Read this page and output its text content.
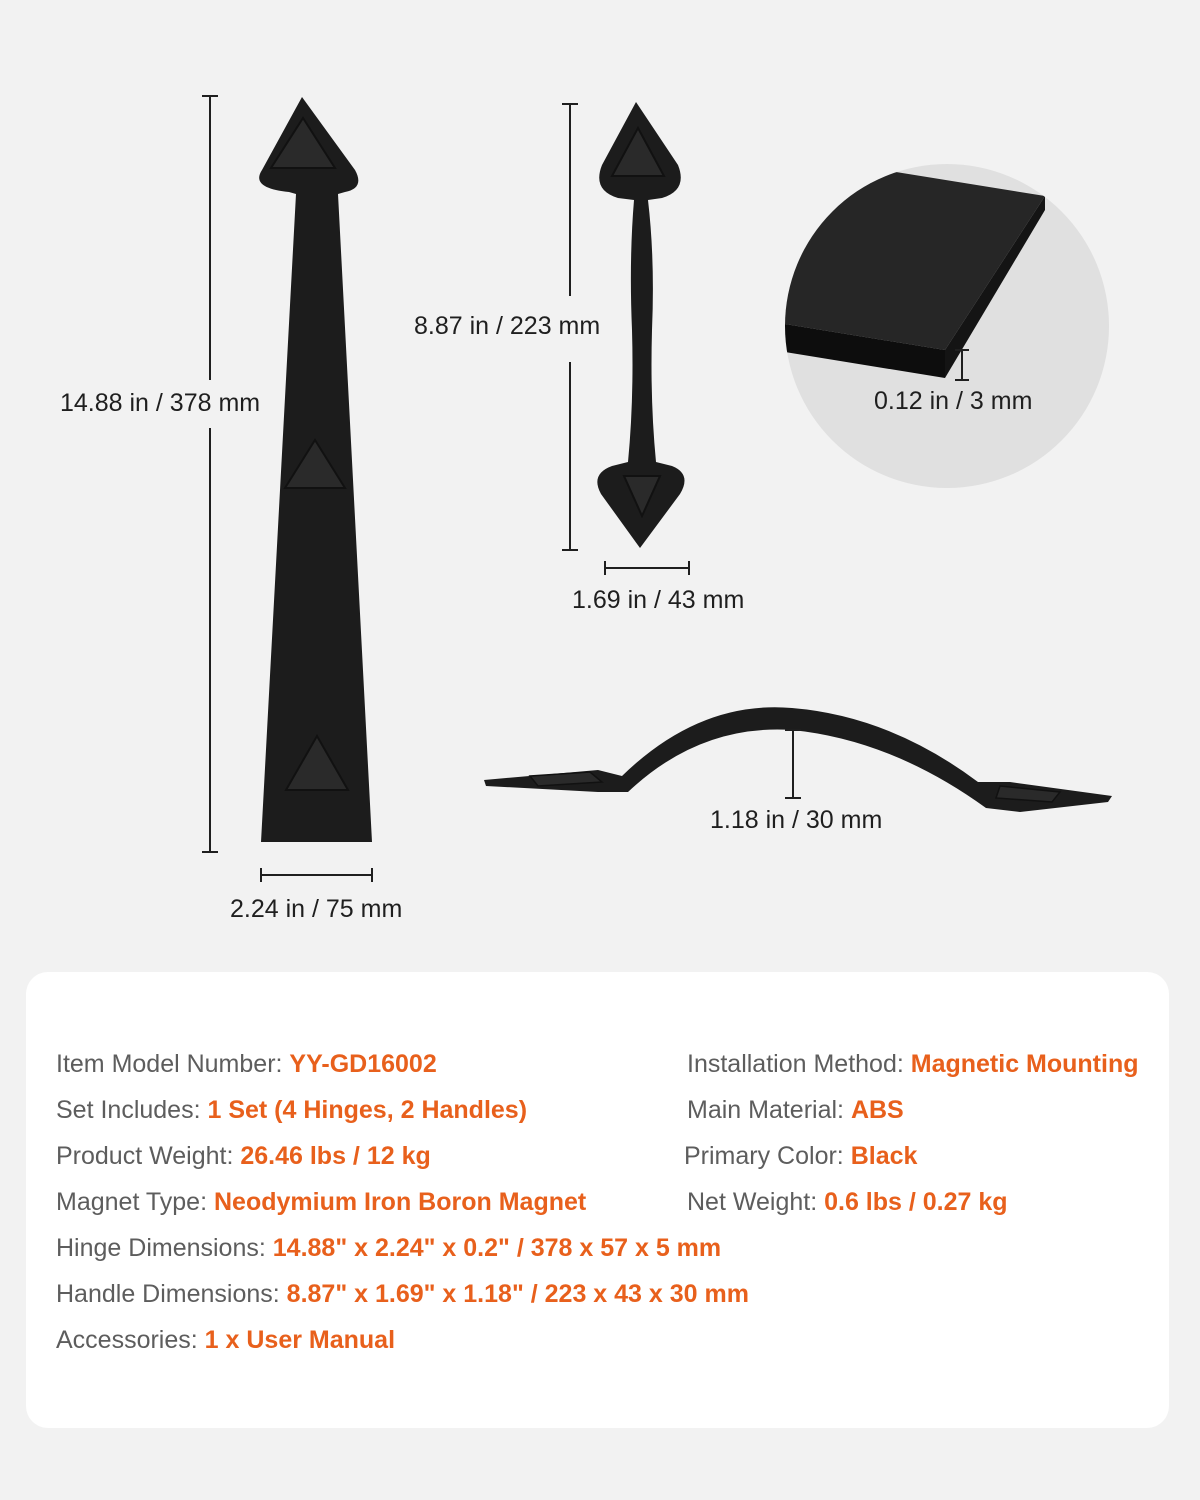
14.88 in / 378 mm
2.24 in / 75 mm
8.87 in / 223 mm
1.69 in / 43 mm
0.12 in / 3 mm
1.18 in / 30 mm
Item Model Number: YY-GD16002
Set Includes: 1 Set (4 Hinges, 2 Handles)
Product Weight: 26.46 lbs / 12 kg
Magnet Type: Neodymium Iron Boron Magnet
Hinge Dimensions: 14.88" x 2.24" x 0.2" / 378 x 57 x 5 mm
Handle Dimensions: 8.87" x 1.69" x 1.18" / 223 x 43 x 30 mm
Accessories: 1 x User Manual
Installation Method: Magnetic Mounting
Main Material: ABS
Primary Color: Black
Net Weight: 0.6 lbs / 0.27 kg
